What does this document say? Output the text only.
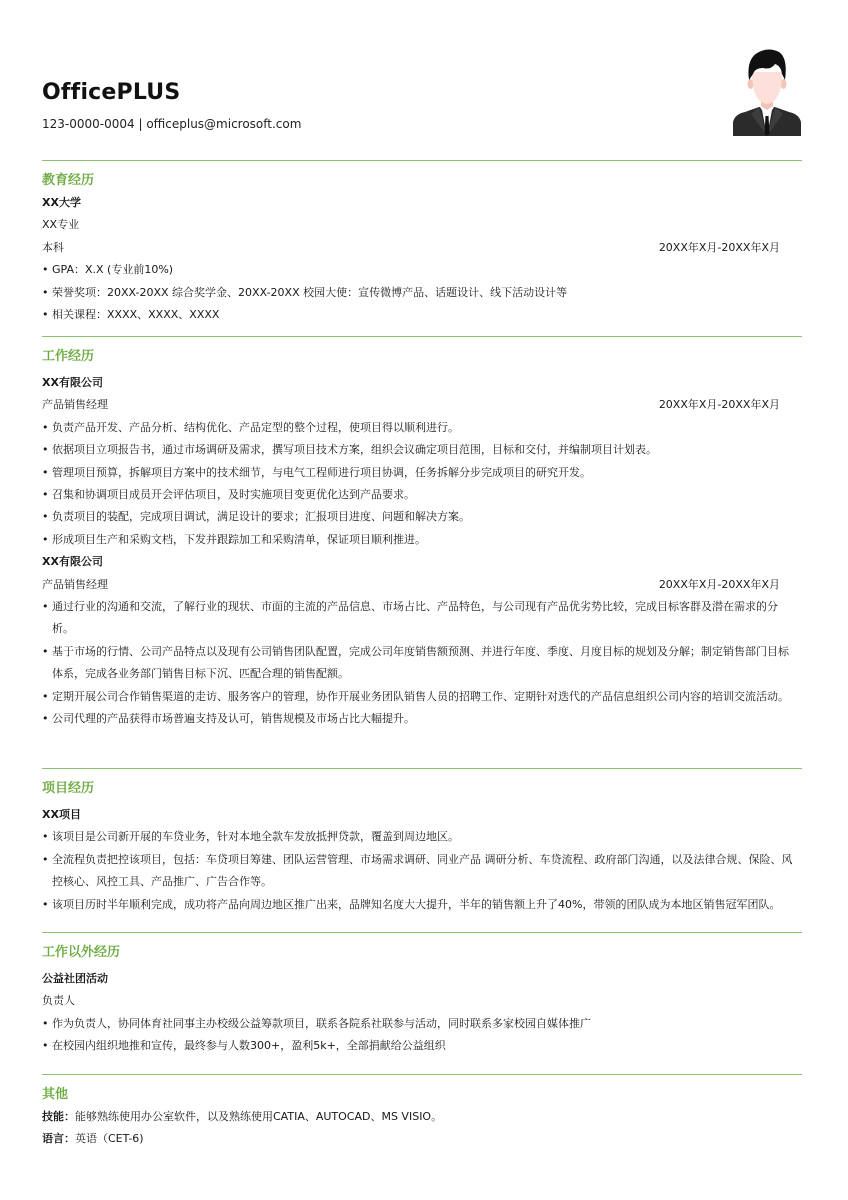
OfficePLUS
123-0000-0004 | officeplus@microsoft.com
教育经历
XX大学
XX专业
本科	20XX年X月-20XX年X月
• GPA：X.X (专业前10%)
• 荣誉奖项：20XX-20XX 综合奖学金、20XX-20XX 校园大使：宣传微博产品、话题设计、线下活动设计等
• 相关课程：XXXX、XXXX、XXXX
工作经历
XX有限公司
产品销售经理	20XX年X月-20XX年X月
• 负责产品开发、产品分析、结构优化、产品定型的整个过程，使项目得以顺利进行。
• 依据项目立项报告书，通过市场调研及需求，撰写项目技术方案，组织会议确定项目范围，目标和交付，并编制项目计划表。
• 管理项目预算，拆解项目方案中的技术细节，与电气工程师进行项目协调，任务拆解分步完成项目的研究开发。
• 召集和协调项目成员开会评估项目，及时实施项目变更优化达到产品要求。
• 负责项目的装配，完成项目调试，满足设计的要求；汇报项目进度、问题和解决方案。
• 形成项目生产和采购文档，下发并跟踪加工和采购清单，保证项目顺利推进。
XX有限公司
产品销售经理	20XX年X月-20XX年X月
• 通过行业的沟通和交流，了解行业的现状、市面的主流的产品信息、市场占比、产品特色，与公司现有产品优劣势比较，完成目标客群及潜在需求的分析。
• 基于市场的行情、公司产品特点以及现有公司销售团队配置，完成公司年度销售额预测、并进行年度、季度、月度目标的规划及分解；制定销售部门目标体系，完成各业务部门销售目标下沉、匹配合理的销售配额。
• 定期开展公司合作销售渠道的走访、服务客户的管理，协作开展业务团队销售人员的招聘工作、定期针对迭代的产品信息组织公司内容的培训交流活动。
• 公司代理的产品获得市场普遍支持及认可，销售规模及市场占比大幅提升。
项目经历
XX项目
• 该项目是公司新开展的车贷业务，针对本地全款车发放抵押贷款，覆盖到周边地区。
• 全流程负责把控该项目，包括：车贷项目筹建、团队运营管理、市场需求调研、同业产品 调研分析、车贷流程、政府部门沟通，以及法律合规、保险、风控核心、风控工具、产品推广、广告合作等。
• 该项目历时半年顺利完成，成功将产品向周边地区推广出来，品牌知名度大大提升，半年的销售额上升了40%，带领的团队成为本地区销售冠军团队。
工作以外经历
公益社团活动
负责人
• 作为负责人，协同体育社同事主办校级公益筹款项目，联系各院系社联参与活动，同时联系多家校园自媒体推广
• 在校园内组织地推和宣传，最终参与人数300+，盈利5k+，全部捐献给公益组织
其他
技能：能够熟练使用办公室软件，以及熟练使用CATIA、AUTOCAD、MS VISIO。
语言：英语（CET-6)
